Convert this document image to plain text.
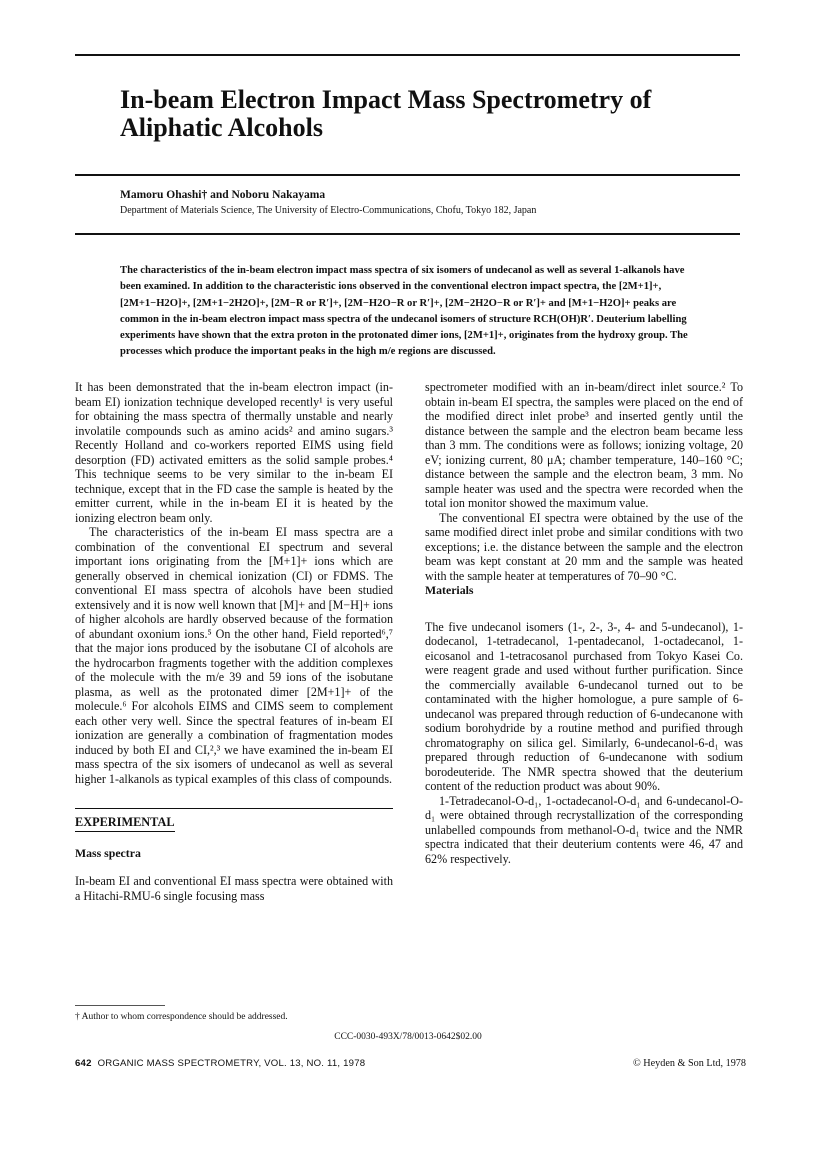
In-beam Electron Impact Mass Spectrometry of Aliphatic Alcohols
Mamoru Ohashi† and Noboru Nakayama
Department of Materials Science, The University of Electro-Communications, Chofu, Tokyo 182, Japan

The characteristics of the in-beam electron impact mass spectra of six isomers of undecanol as well as several 1-alkanols have been examined. In addition to the characteristic ions observed in the conventional electron impact spectra, the [2M+1]+, [2M+1−H2O]+, [2M+1−2H2O]+, [2M−R or R′]+, [2M−H2O−R or R′]+, [2M−2H2O−R or R′]+ and [M+1−H2O]+ peaks are common in the in-beam electron impact mass spectra of the undecanol isomers of structure RCH(OH)R′. Deuterium labelling experiments have shown that the extra proton in the protonated dimer ions, [2M+1]+, originates from the hydroxy group. The processes which produce the important peaks in the high m/e regions are discussed.

It has been demonstrated that the in-beam electron impact (in-beam EI) ionization technique developed recently¹ is very useful for obtaining the mass spectra of thermally unstable and nearly involatile compounds such as amino acids² and amino sugars.³ Recently Holland and co-workers reported EIMS using field desorption (FD) activated emitters as the solid sample probes.⁴ This technique seems to be very similar to the in-beam EI technique, except that in the FD case the sample is heated by the emitter current, while in the in-beam EI it is heated by the ionizing electron beam only.

The characteristics of the in-beam EI mass spectra are a combination of the conventional EI spectrum and several important ions originating from the [M+1]+ ions which are generally observed in chemical ionization (CI) or FDMS. The conventional EI mass spectra of alcohols have been studied extensively and it is now well known that [M]+ and [M−H]+ ions of higher alcohols are hardly observed because of the formation of abundant oxonium ions.⁵ On the other hand, Field reported⁶,⁷ that the major ions produced by the isobutane CI of alcohols are the hydrocarbon fragments together with the addition complexes of the molecule with the m/e 39 and 59 ions of the isobutane plasma, as well as the protonated dimer [2M+1]+ of the molecule.⁶ For alcohols EIMS and CIMS seem to complement each other very well. Since the spectral features of in-beam EI ionization are generally a combination of fragmentation modes induced by both EI and CI,²,³ we have examined the in-beam EI mass spectra of the six isomers of undecanol as well as several higher 1-alkanols as typical examples of this class of compounds.

EXPERIMENTAL
Mass spectra

In-beam EI and conventional EI mass spectra were obtained with a Hitachi-RMU-6 single focusing mass

spectrometer modified with an in-beam/direct inlet source.² To obtain in-beam EI spectra, the samples were placed on the end of the modified direct inlet probe³ and inserted gently until the distance between the sample and the electron beam became less than 3 mm. The conditions were as follows; ionizing voltage, 20 eV; ionizing current, 80 μA; chamber temperature, 140–160 °C; distance between the sample and the electron beam, 3 mm. No sample heater was used and the spectra were recorded when the total ion monitor showed the maximum value.

The conventional EI spectra were obtained by the use of the same modified direct inlet probe and similar conditions with two exceptions; i.e. the distance between the sample and the electron beam was kept constant at 20 mm and the sample was heated with the sample heater at temperatures of 70–90 °C.

Materials

The five undecanol isomers (1-, 2-, 3-, 4- and 5-undecanol), 1-dodecanol, 1-tetradecanol, 1-pentadecanol, 1-octadecanol, 1-eicosanol and 1-tetracosanol purchased from Tokyo Kasei Co. were reagent grade and used without further purification. Since the commercially available 6-undecanol turned out to be contaminated with the higher homologue, a pure sample of 6-undecanol was prepared through reduction of 6-undecanone with sodium borohydride by a routine method and purified through chromatography on silica gel. Similarly, 6-undecanol-6-d₁ was prepared through reduction of 6-undecanone with sodium borodeuteride. The NMR spectra showed that the deuterium content of the reduction product was about 90%.

1-Tetradecanol-O-d₁, 1-octadecanol-O-d₁ and 6-undecanol-O-d₁ were obtained through recrystallization of the corresponding unlabelled compounds from methanol-O-d₁ twice and the NMR spectra indicated that their deuterium contents were 46, 47 and 62% respectively.

† Author to whom correspondence should be addressed.
CCC-0030-493X/78/0013-0642$02.00
642 ORGANIC MASS SPECTROMETRY, VOL. 13, NO. 11, 1978	© Heyden & Son Ltd, 1978
